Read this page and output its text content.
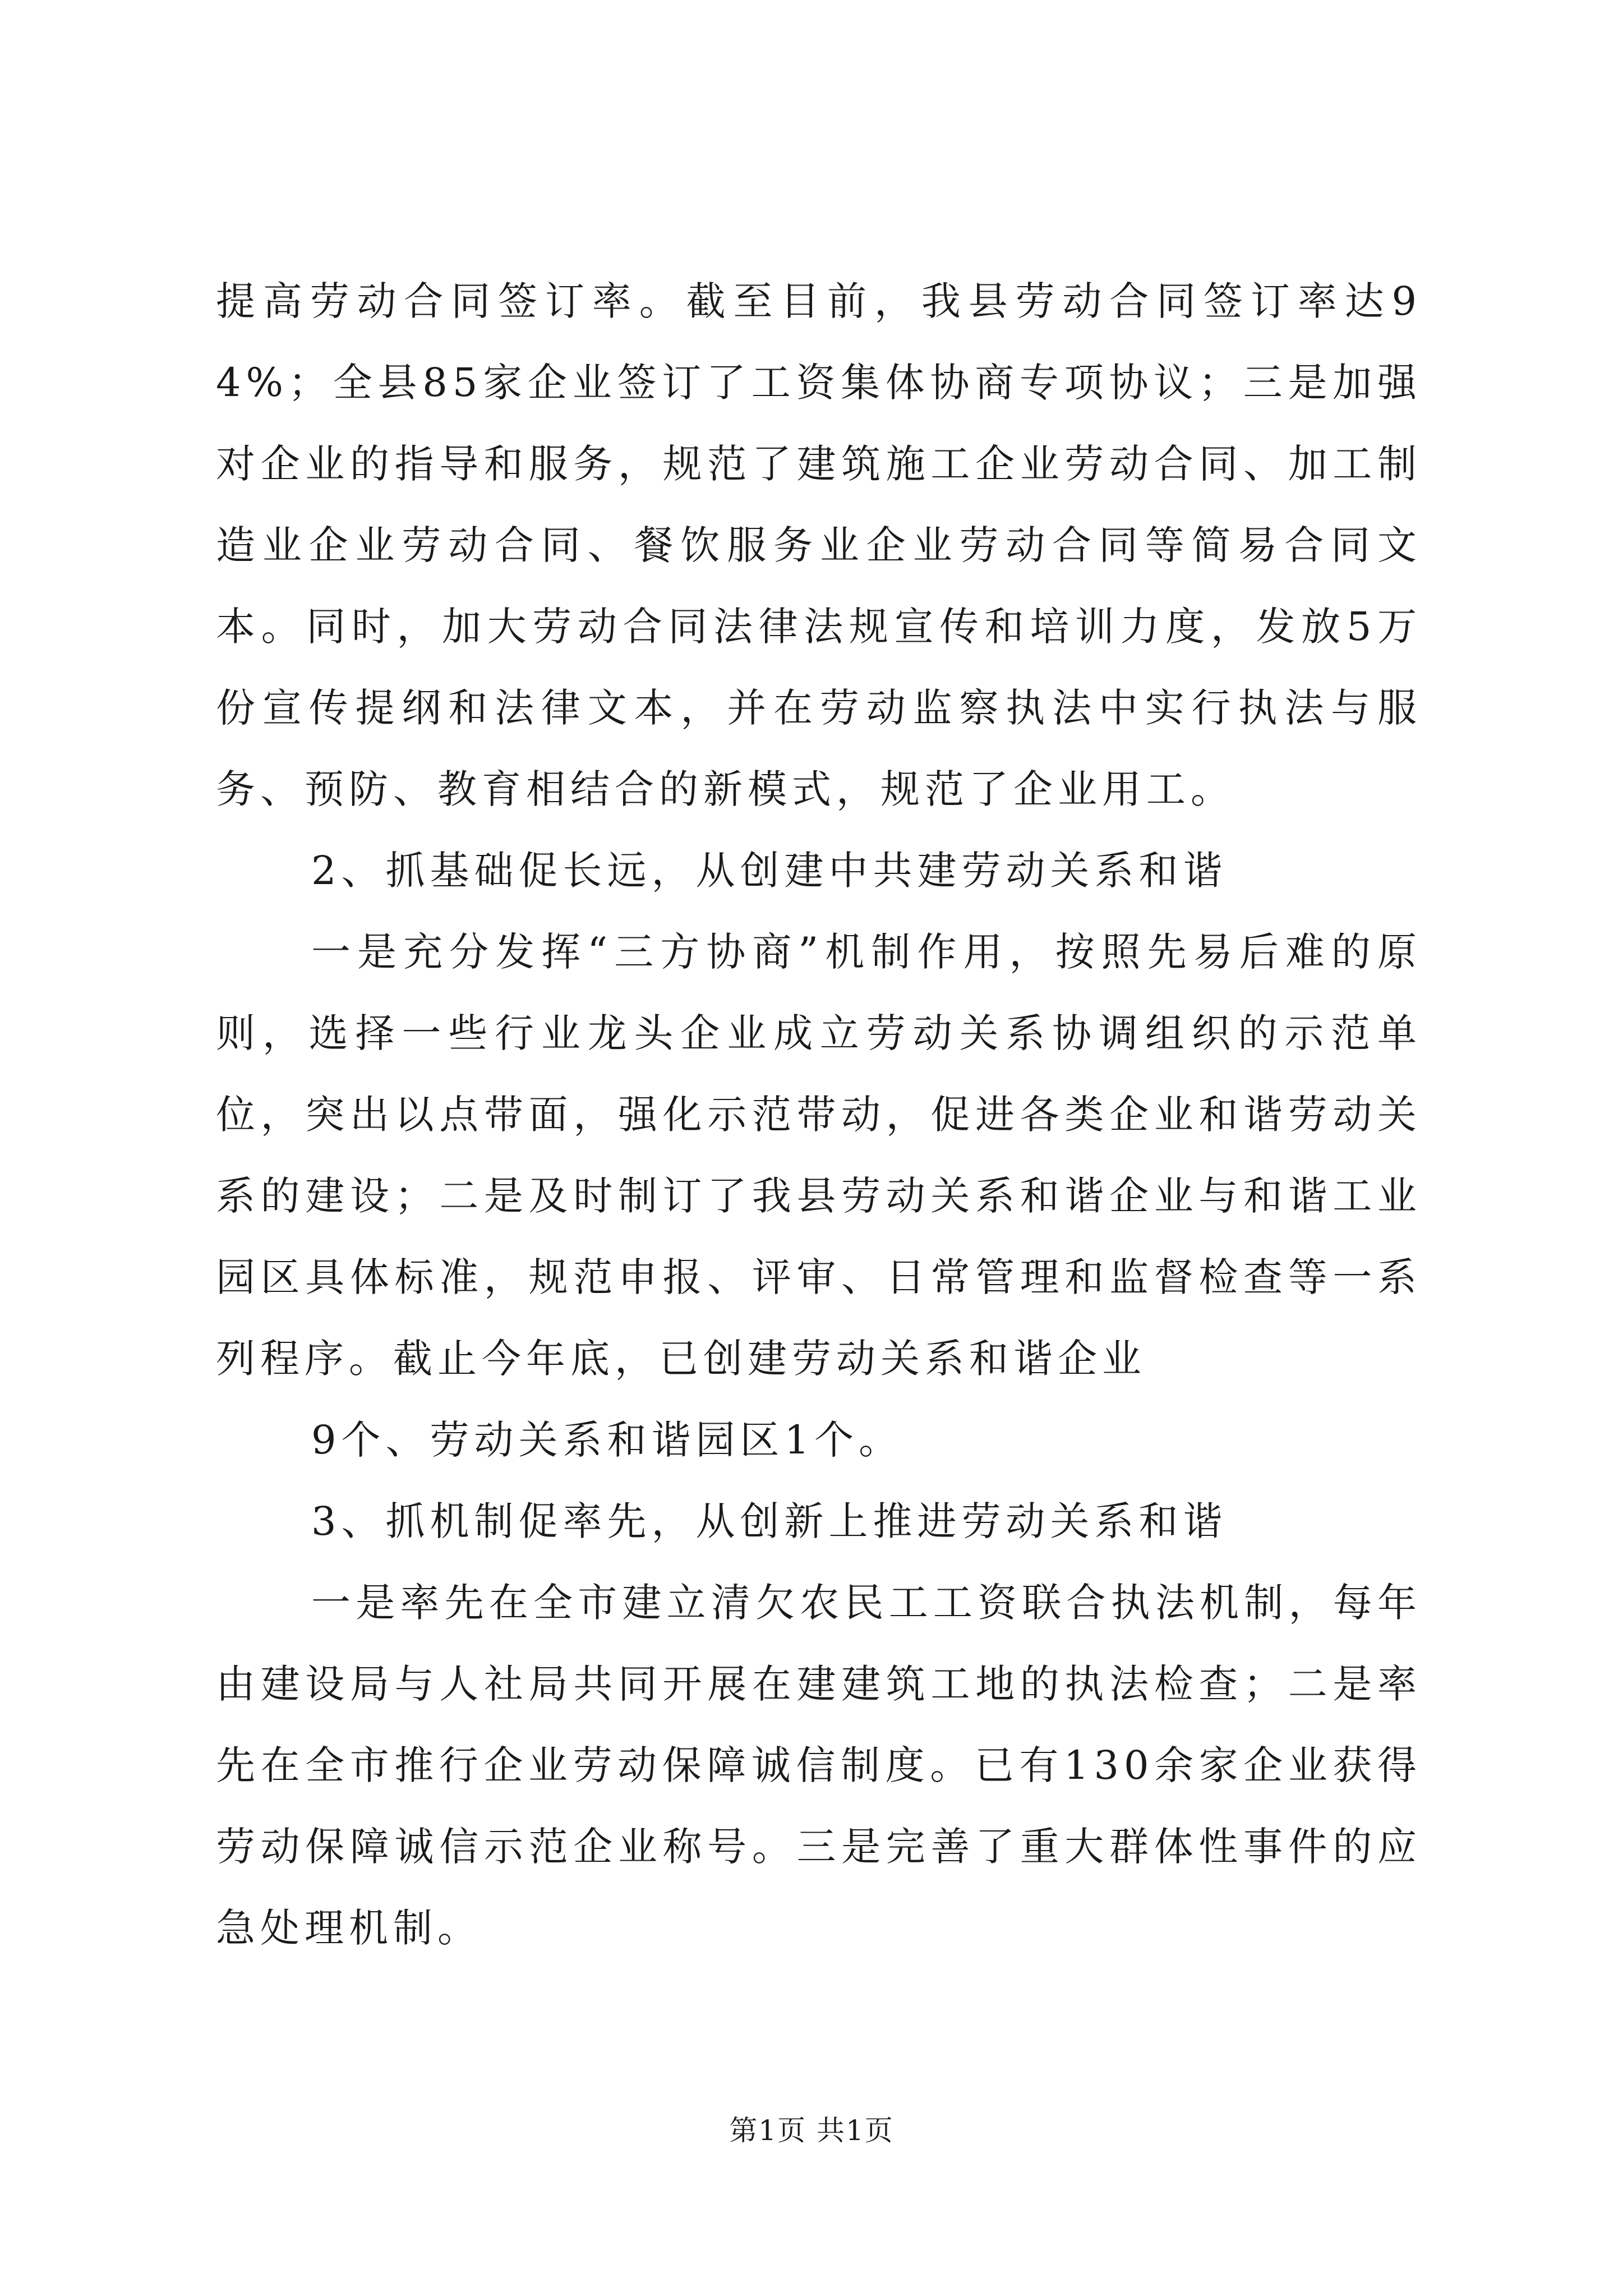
提高劳动合同签订率。截至目前，我县劳动合同签订率达94%；全县85家企业签订了工资集体协商专项协议；三是加强对企业的指导和服务，规范了建筑施工企业劳动合同、加工制造业企业劳动合同、餐饮服务业企业劳动合同等简易合同文本。同时，加大劳动合同法律法规宣传和培训力度，发放5万份宣传提纲和法律文本，并在劳动监察执法中实行执法与服务、预防、教育相结合的新模式，规范了企业用工。

2、抓基础促长远，从创建中共建劳动关系和谐

一是充分发挥“三方协商”机制作用，按照先易后难的原则，选择一些行业龙头企业成立劳动关系协调组织的示范单位，突出以点带面，强化示范带动，促进各类企业和谐劳动关系的建设；二是及时制订了我县劳动关系和谐企业与和谐工业园区具体标准，规范申报、评审、日常管理和监督检查等一系列程序。截止今年底，已创建劳动关系和谐企业

9个、劳动关系和谐园区1个。

3、抓机制促率先，从创新上推进劳动关系和谐

一是率先在全市建立清欠农民工工资联合执法机制，每年由建设局与人社局共同开展在建建筑工地的执法检查；二是率先在全市推行企业劳动保障诚信制度。已有130余家企业获得劳动保障诚信示范企业称号。三是完善了重大群体性事件的应急处理机制。

第1页 共1页
